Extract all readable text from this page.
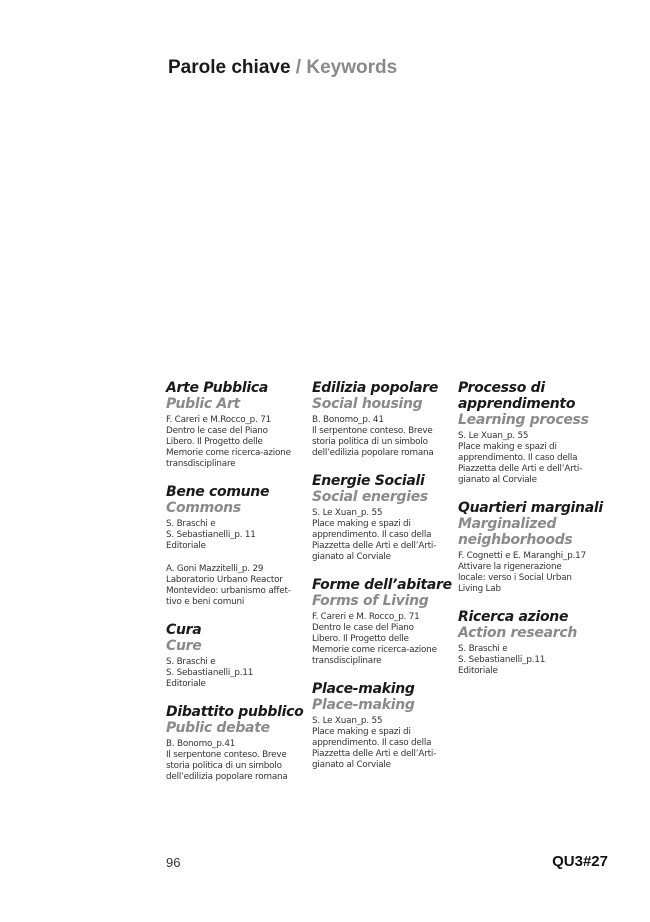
Parole chiave / Keywords
Arte Pubblica
Public Art
F. Careri e M.Rocco_p. 71
Dentro le case del Piano
Libero. Il Progetto delle
Memorie come ricerca-azione
transdisciplinare
Bene comune
Commons
S. Braschi e
S. Sebastianelli_p. 11
Editoriale
A. Goni Mazzitelli_p. 29
Laboratorio Urbano Reactor
Montevideo: urbanismo affet-
tivo e beni comuni
Cura
Cure
S. Braschi e
S. Sebastianelli_p.11
Editoriale
Dibattito pubblico
Public debate
B. Bonomo_p.41
Il serpentone conteso. Breve
storia politica di un simbolo
dell’edilizia popolare romana
Edilizia popolare
Social housing
B. Bonomo_p. 41
Il serpentone conteso. Breve
storia politica di un simbolo
dell’edilizia popolare romana
Energie Sociali
Social energies
S. Le Xuan_p. 55
Place making e spazi di
apprendimento. Il caso della
Piazzetta delle Arti e dell’Arti-
gianato al Corviale
Forme dell’abitare
Forms of Living
F. Careri e M. Rocco_p. 71
Dentro le case del Piano
Libero. Il Progetto delle
Memorie come ricerca-azione
transdisciplinare
Place-making
Place-making
S. Le Xuan_p. 55
Place making e spazi di
apprendimento. Il caso della
Piazzetta delle Arti e dell’Arti-
gianato al Corviale
Processo di
apprendimento
Learning process
S. Le Xuan_p. 55
Place making e spazi di
apprendimento. Il caso della
Piazzetta delle Arti e dell’Arti-
gianato al Corviale
Quartieri marginali
Marginalized
neighborhoods
F. Cognetti e E. Maranghi_p.17
Attivare la rigenerazione
locale: verso i Social Urban
Living Lab
Ricerca azione
Action research
S. Braschi e
S. Sebastianelli_p.11
Editoriale
96	QU3#27
